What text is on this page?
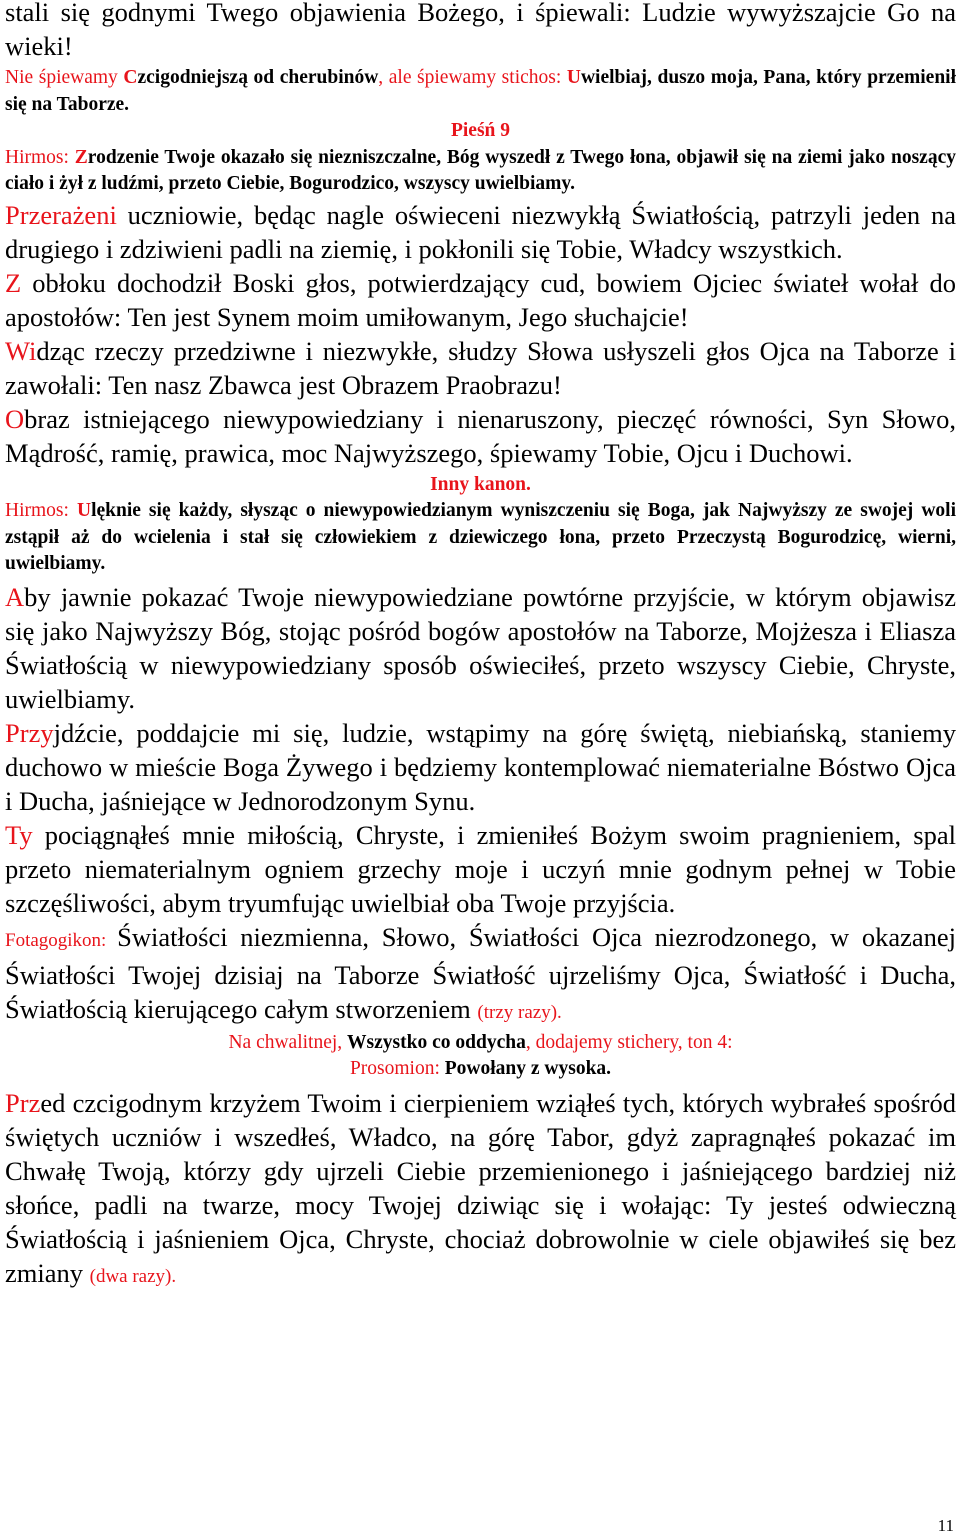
stali się godnymi Twego objawienia Bożego, i śpiewali: Ludzie wywyższajcie Go na wieki!

Nie śpiewamy Czcigodniejszą od cherubinów, ale śpiewamy stichos: Uwielbiaj, duszo moja, Pana, który przemienił się na Taborze.

Pieśń 9

Hirmos: Zrodzenie Twoje okazało się niezniszczalne, Bóg wyszedł z Twego łona, objawił się na ziemi jako noszący ciało i żył z ludźmi, przeto Ciebie, Bogurodzico, wszyscy uwielbiamy.

Przerażeni uczniowie, będąc nagle oświeceni niezwykłą Światłością, patrzyli jeden na drugiego i zdziwieni padli na ziemię, i pokłonili się Tobie, Władcy wszystkich.

Z obłoku dochodził Boski głos, potwierdzający cud, bowiem Ojciec świateł wołał do apostołów: Ten jest Synem moim umiłowanym, Jego słuchajcie!

Widząc rzeczy przedziwne i niezwykłe, słudzy Słowa usłyszeli głos Ojca na Taborze i zawołali: Ten nasz Zbawca jest Obrazem Praobrazu!

Obraz istniejącego niewypowiedziany i nienaruszony, pieczęć równości, Syn Słowo, Mądrość, ramię, prawica, moc Najwyższego, śpiewamy Tobie, Ojcu i Duchowi.

Inny kanon.

Hirmos: Ulęknie się każdy, słysząc o niewypowiedzianym wyniszczeniu się Boga, jak Najwyższy ze swojej woli zstąpił aż do wcielenia i stał się człowiekiem z dziewiczego łona, przeto Przeczystą Bogurodzicę, wierni, uwielbiamy.

Aby jawnie pokazać Twoje niewypowiedziane powtórne przyjście, w którym objawisz się jako Najwyższy Bóg, stojąc pośród bogów apostołów na Taborze, Mojżesza i Eliasza Światłością w niewypowiedziany sposób oświeciłeś, przeto wszyscy Ciebie, Chryste, uwielbiamy.

Przyjdźcie, poddajcie mi się, ludzie, wstąpimy na górę świętą, niebiańską, staniemy duchowo w mieście Boga Żywego i będziemy kontemplować niematerialne Bóstwo Ojca i Ducha, jaśniejące w Jednorodzonym Synu.

Ty pociągnąłeś mnie miłością, Chryste, i zmieniłeś Bożym swoim pragnieniem, spal przeto niematerialnym ogniem grzechy moje i uczyń mnie godnym pełnej w Tobie szczęśliwości, abym tryumfując uwielbiał oba Twoje przyjścia.

Fotagogikon: Światłości niezmienna, Słowo, Światłości Ojca niezrodzonego, w okazanej Światłości Twojej dzisiaj na Taborze Światłość ujrzeliśmy Ojca, Światłość i Ducha, Światłością kierującego całym stworzeniem (trzy razy).

Na chwalitnej, Wszystko co oddycha, dodajemy stichery, ton 4:

Prosomion: Powołany z wysoka.

Przed czcigodnym krzyżem Twoim i cierpieniem wziąłeś tych, których wybrałeś spośród świętych uczniów i wszedłeś, Władco, na górę Tabor, gdyż zapragnąłeś pokazać im Chwałę Twoją, którzy gdy ujrzeli Ciebie przemienionego i jaśniejącego bardziej niż słońce, padli na twarze, mocy Twojej dziwiąc się i wołając: Ty jesteś odwieczną Światłością i jaśnieniem Ojca, Chryste, chociaż dobrowolnie w ciele objawiłeś się bez zmiany (dwa razy).

11
